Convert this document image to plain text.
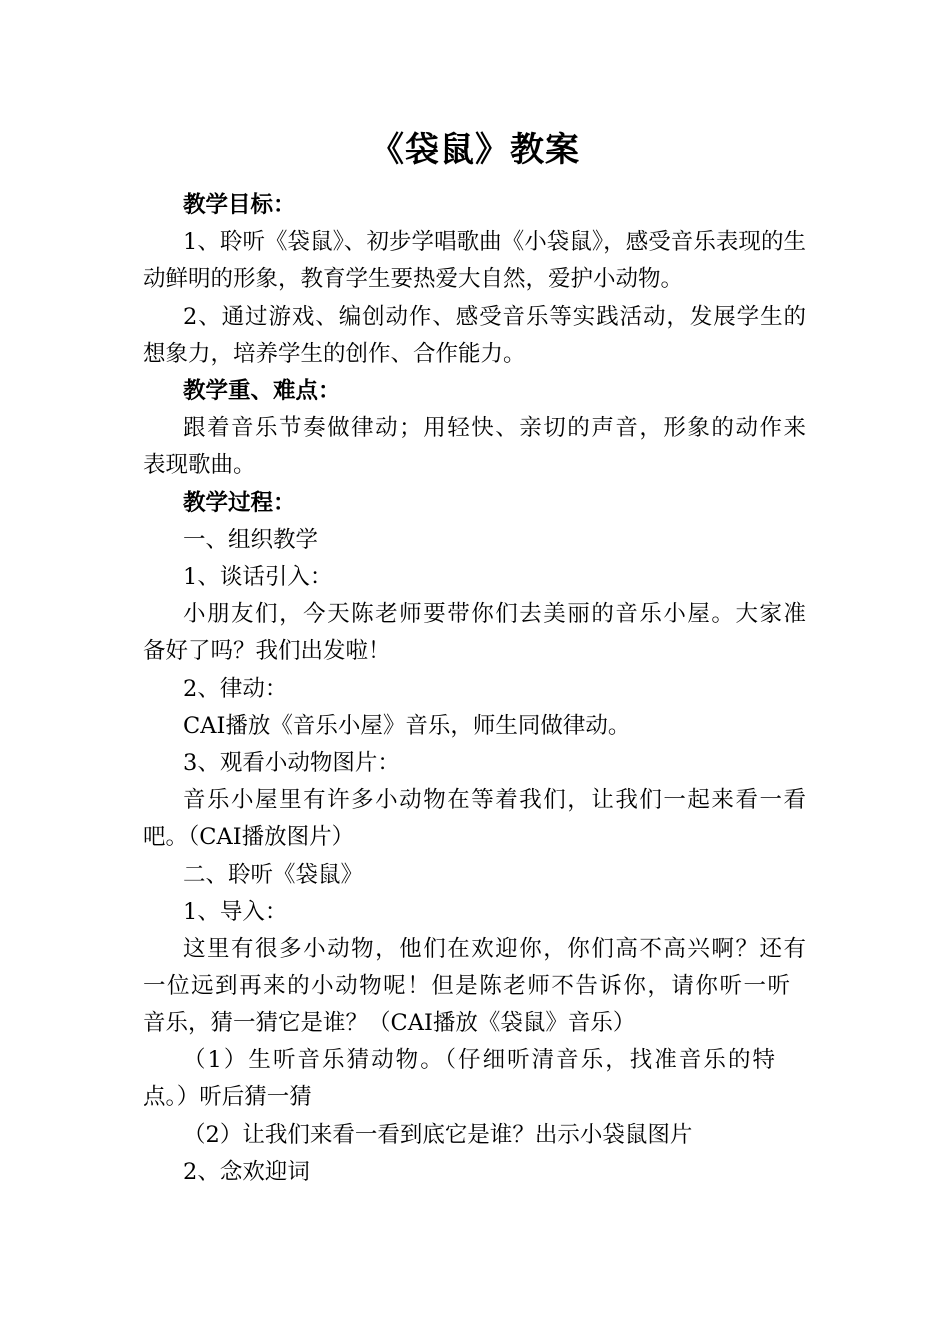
《袋鼠》教案
教学目标：
1、聆听《袋鼠》、初步学唱歌曲《小袋鼠》，感受音乐表现的生
动鲜明的形象，教育学生要热爱大自然，爱护小动物。
2、通过游戏、编创动作、感受音乐等实践活动，发展学生的
想象力，培养学生的创作、合作能力。
教学重、难点：
跟着音乐节奏做律动；用轻快、亲切的声音，形象的动作来
表现歌曲。
教学过程：
一、组织教学
1、谈话引入：
小朋友们，今天陈老师要带你们去美丽的音乐小屋。大家准
备好了吗？我们出发啦！
2、律动：
CAI播放《音乐小屋》音乐，师生同做律动。
3、观看小动物图片：
音乐小屋里有许多小动物在等着我们，让我们一起来看一看
吧。（CAI播放图片）
二、聆听《袋鼠》
1、导入：
这里有很多小动物，他们在欢迎你，你们高不高兴啊？还有
一位远到再来的小动物呢！但是陈老师不告诉你，请你听一听
音乐，猜一猜它是谁？（CAI播放《袋鼠》音乐）
（1）生听音乐猜动物。（仔细听清音乐，找准音乐的特
点。）听后猜一猜
（2）让我们来看一看到底它是谁？出示小袋鼠图片
2、念欢迎词
